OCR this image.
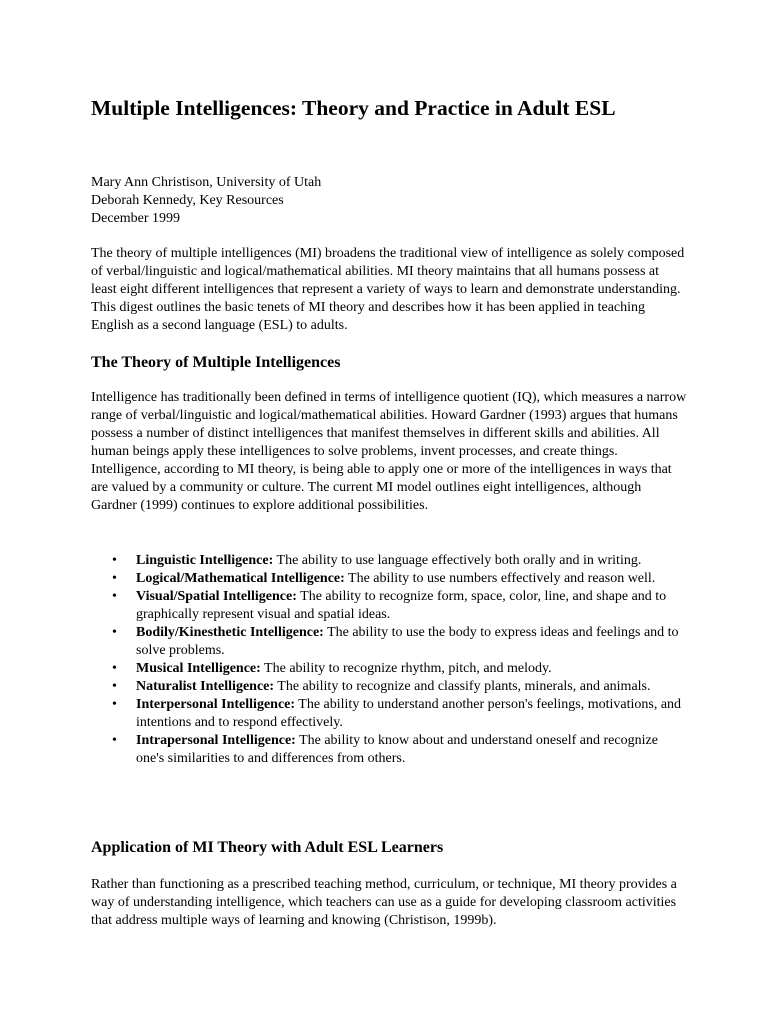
Multiple Intelligences: Theory and Practice in Adult ESL
Mary Ann Christison, University of Utah
Deborah Kennedy, Key Resources
December 1999

The theory of multiple intelligences (MI) broadens the traditional view of intelligence as solely composed of verbal/linguistic and logical/mathematical abilities. MI theory maintains that all humans possess at least eight different intelligences that represent a variety of ways to learn and demonstrate understanding. This digest outlines the basic tenets of MI theory and describes how it has been applied in teaching English as a second language (ESL) to adults.

The Theory of Multiple Intelligences

Intelligence has traditionally been defined in terms of intelligence quotient (IQ), which measures a narrow range of verbal/linguistic and logical/mathematical abilities. Howard Gardner (1993) argues that humans possess a number of distinct intelligences that manifest themselves in different skills and abilities. All human beings apply these intelligences to solve problems, invent processes, and create things. Intelligence, according to MI theory, is being able to apply one or more of the intelligences in ways that are valued by a community or culture. The current MI model outlines eight intelligences, although Gardner (1999) continues to explore additional possibilities.

• Linguistic Intelligence: The ability to use language effectively both orally and in writing.
• Logical/Mathematical Intelligence: The ability to use numbers effectively and reason well.
• Visual/Spatial Intelligence: The ability to recognize form, space, color, line, and shape and to graphically represent visual and spatial ideas.
• Bodily/Kinesthetic Intelligence: The ability to use the body to express ideas and feelings and to solve problems.
• Musical Intelligence: The ability to recognize rhythm, pitch, and melody.
• Naturalist Intelligence: The ability to recognize and classify plants, minerals, and animals.
• Interpersonal Intelligence: The ability to understand another person's feelings, motivations, and intentions and to respond effectively.
• Intrapersonal Intelligence: The ability to know about and understand oneself and recognize one's similarities to and differences from others.
Application of MI Theory with Adult ESL Learners

Rather than functioning as a prescribed teaching method, curriculum, or technique, MI theory provides a way of understanding intelligence, which teachers can use as a guide for developing classroom activities that address multiple ways of learning and knowing (Christison, 1999b).
